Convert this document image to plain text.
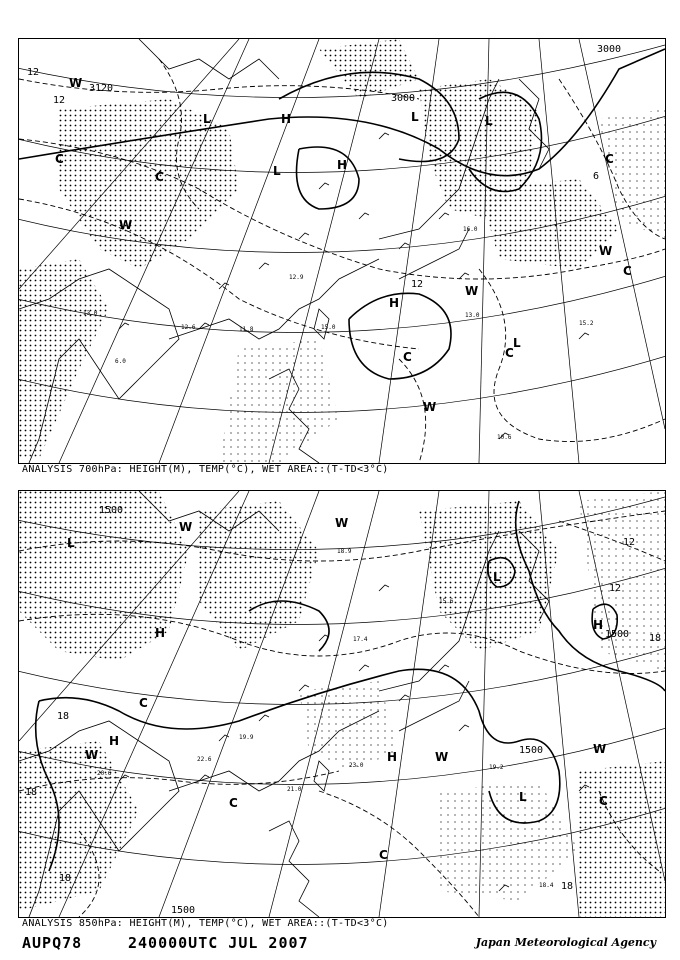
3000
3000
3120
12
12
6
12
H
H
H
L	L	L
L
L
W
W
W
W
W
C
C
C
C
C
C
6.0
13.0
12.6	11.8
12.9
15.0
16.0
13.0
15.2
10.6
ANALYSIS 700hPa: HEIGHT(M), TEMP(°C), WET AREA::(T-TD<3°C)
1500
1500
1500
1500
18
18
18
18
12
12
18
H
H
H
H
L
L
L
W
W	W
W
W
C	C
C
C
20.6
22.6
19.9
21.0
18.9
17.4
15.6
23.0	19.2
18.4
ANALYSIS 850hPa: HEIGHT(M), TEMP(°C), WET AREA::(T-TD<3°C)
AUPQ78	240000UTC JUL 2007	Japan Meteorological Agency
